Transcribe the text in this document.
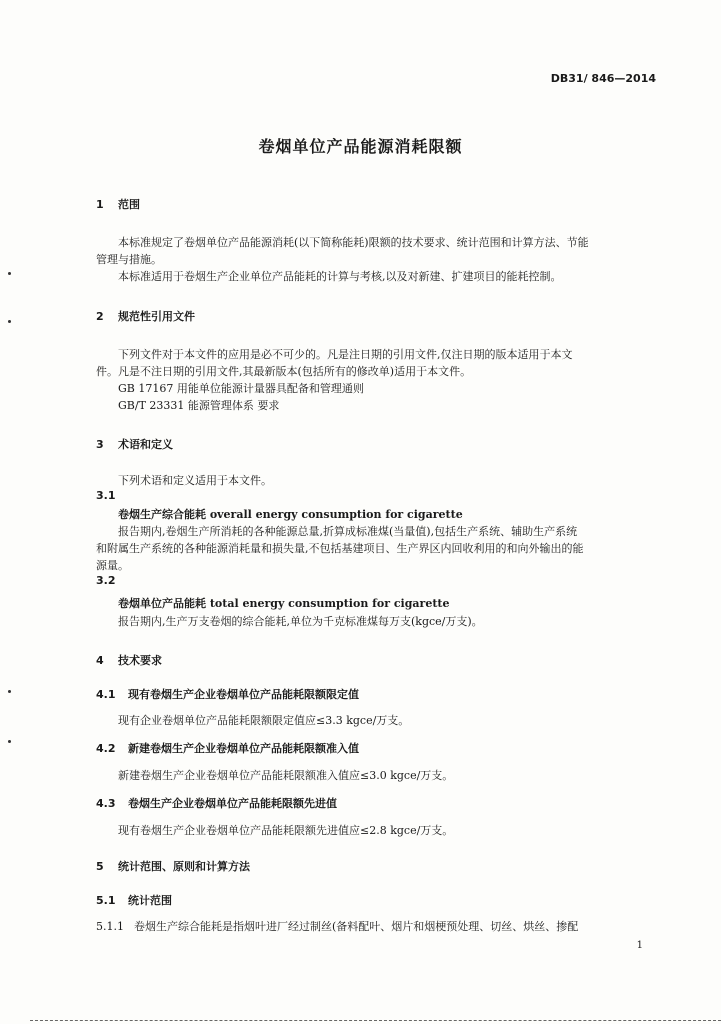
DB31/ 846—2014
卷烟单位产品能源消耗限额
1 范围
本标准规定了卷烟单位产品能源消耗(以下简称能耗)限额的技术要求、统计范围和计算方法、节能
管理与措施。
本标准适用于卷烟生产企业单位产品能耗的计算与考核,以及对新建、扩建项目的能耗控制。
2 规范性引用文件
下列文件对于本文件的应用是必不可少的。凡是注日期的引用文件,仅注日期的版本适用于本文
件。凡是不注日期的引用文件,其最新版本(包括所有的修改单)适用于本文件。
GB 17167 用能单位能源计量器具配备和管理通则
GB/T 23331 能源管理体系 要求
3 术语和定义
下列术语和定义适用于本文件。
3.1
卷烟生产综合能耗 overall energy consumption for cigarette
报告期内,卷烟生产所消耗的各种能源总量,折算成标准煤(当量值),包括生产系统、辅助生产系统
和附属生产系统的各种能源消耗量和损失量,不包括基建项目、生产界区内回收利用的和向外输出的能
源量。
3.2
卷烟单位产品能耗 total energy consumption for cigarette
报告期内,生产万支卷烟的综合能耗,单位为千克标准煤每万支(kgce/万支)。
4 技术要求
4.1 现有卷烟生产企业卷烟单位产品能耗限额限定值
现有企业卷烟单位产品能耗限额限定值应≤3.3 kgce/万支。
4.2 新建卷烟生产企业卷烟单位产品能耗限额准入值
新建卷烟生产企业卷烟单位产品能耗限额准入值应≤3.0 kgce/万支。
4.3 卷烟生产企业卷烟单位产品能耗限额先进值
现有卷烟生产企业卷烟单位产品能耗限额先进值应≤2.8 kgce/万支。
5 统计范围、原则和计算方法
5.1 统计范围
5.1.1 卷烟生产综合能耗是指烟叶进厂经过制丝(备料配叶、烟片和烟梗预处理、切丝、烘丝、掺配
1
